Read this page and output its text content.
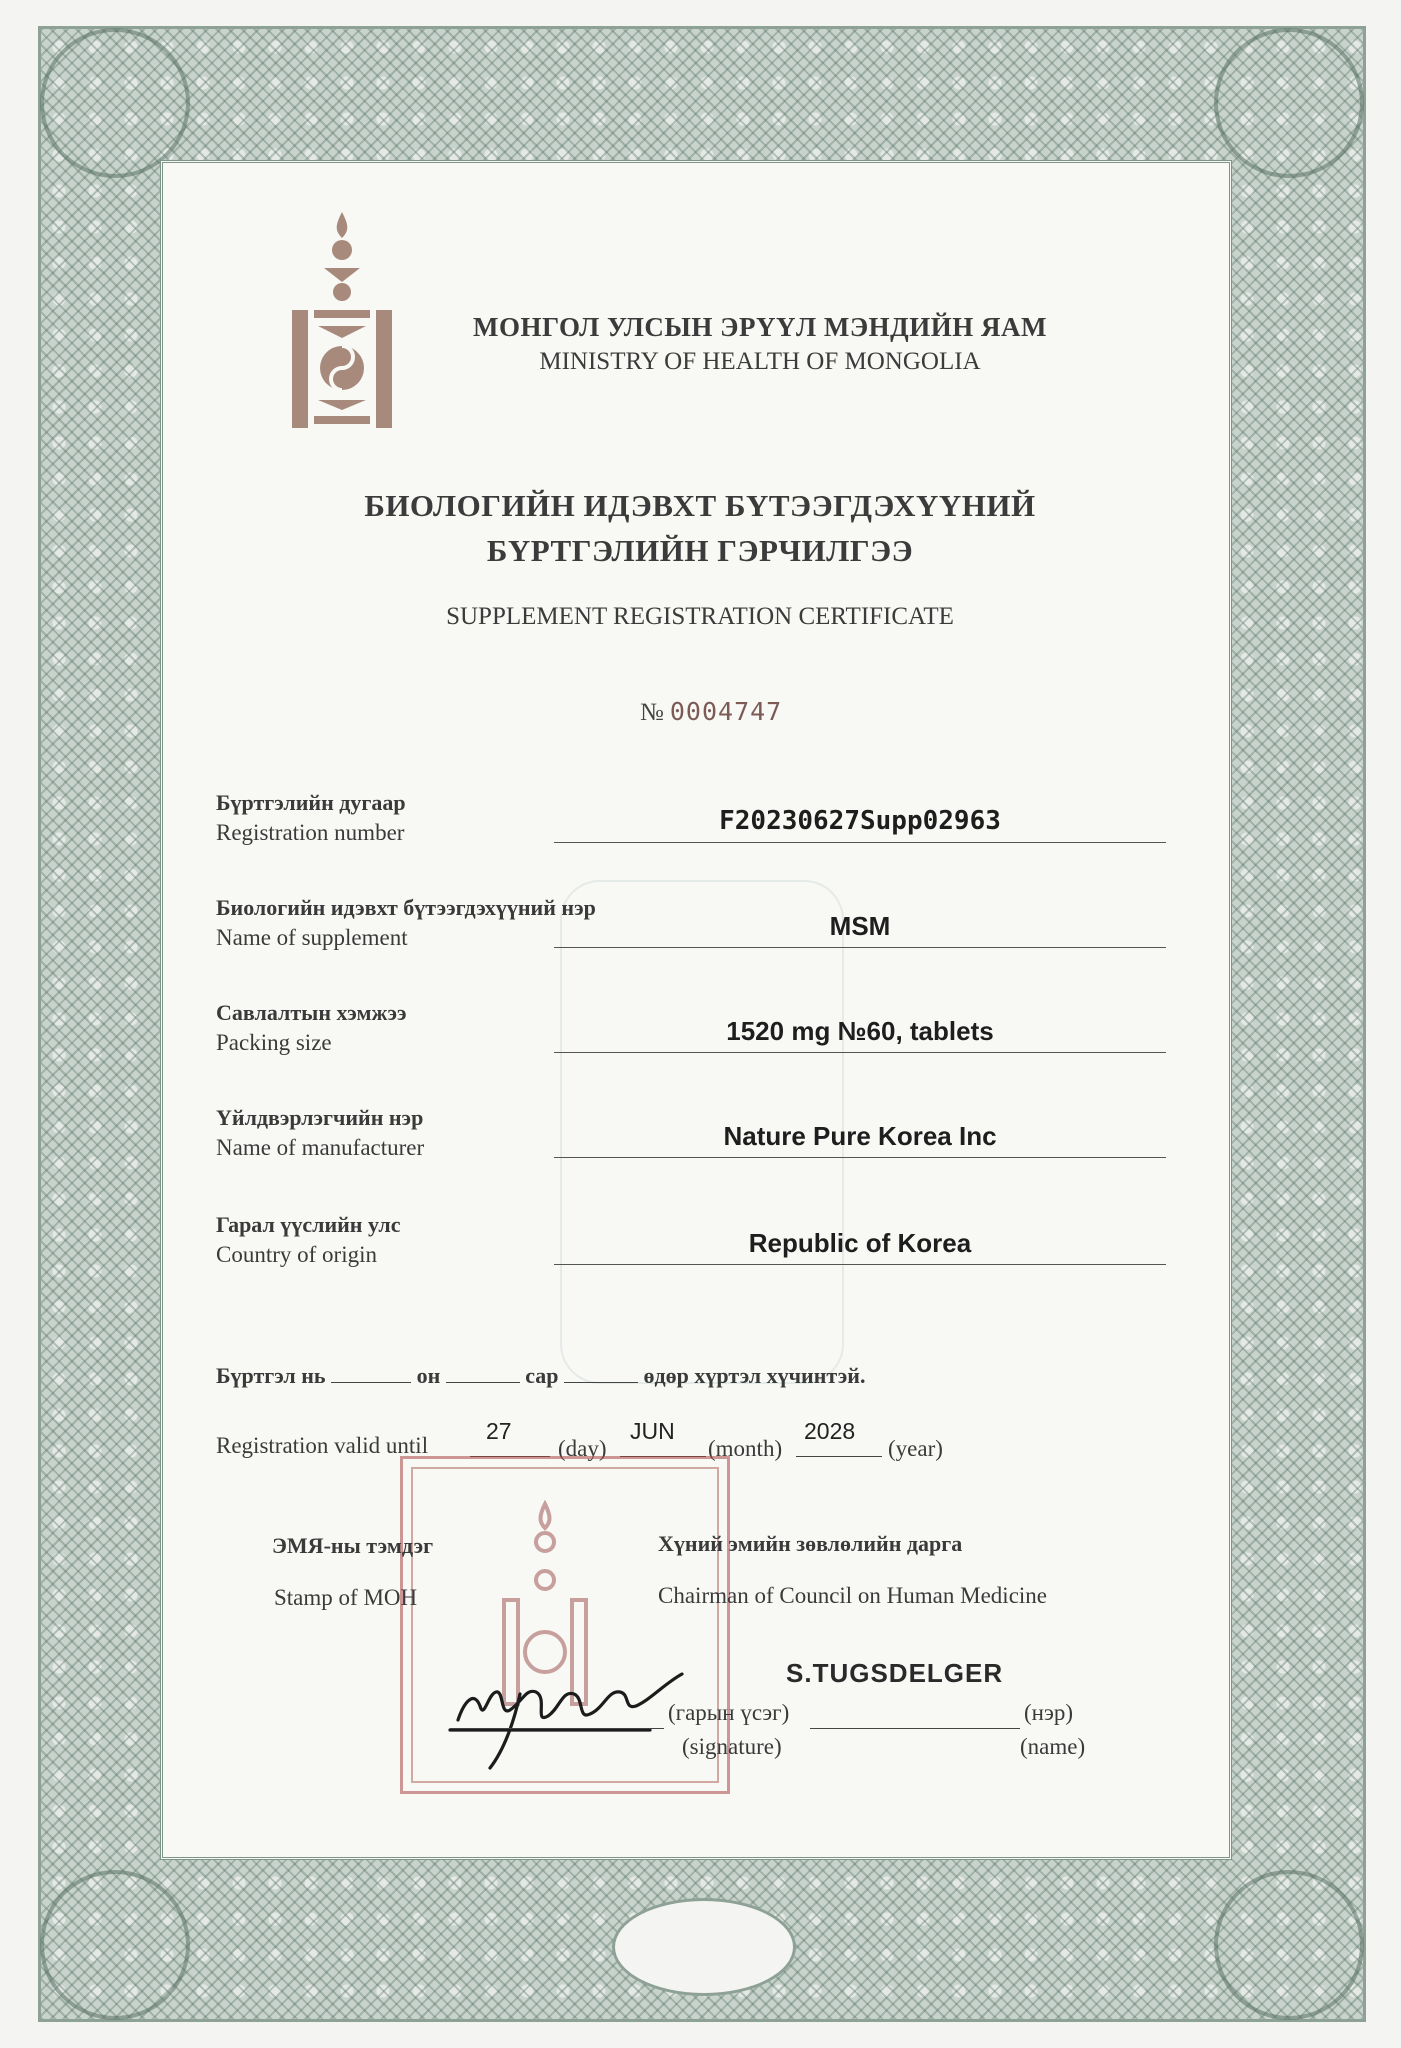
МОНГОЛ УЛСЫН ЭРҮҮЛ МЭНДИЙН ЯАМ
MINISTRY OF HEALTH OF MONGOLIA
БИОЛОГИЙН ИДЭВХТ БҮТЭЭГДЭХҮҮНИЙ
БҮРТГЭЛИЙН ГЭРЧИЛГЭЭ
SUPPLEMENT REGISTRATION CERTIFICATE
№ 0004747
Бүртгэлийн дугаар
Registration number	F20230627Supp02963
Биологийн идэвхт бүтээгдэхүүний нэр
Name of supplement	MSM
Савлалтын хэмжээ
Packing size	1520 mg №60, tablets
Үйлдвэрлэгчийн нэр
Name of manufacturer	Nature Pure Korea Inc
Гарал үүслийн улс
Country of origin	Republic of Korea
Бүртгэл нь	он	сар	өдөр хүртэл хүчинтэй.
Registration valid until
27
(day)
JUN
(month)
2028
(year)
ЭМЯ-ны тэмдэг
Stamp of MOH
Хүний эмийн зөвлөлийн дарга
Chairman of Council on Human Medicine
S.TUGSDELGER
(гарын үсэг)	(нэр)
(signature)	(name)
